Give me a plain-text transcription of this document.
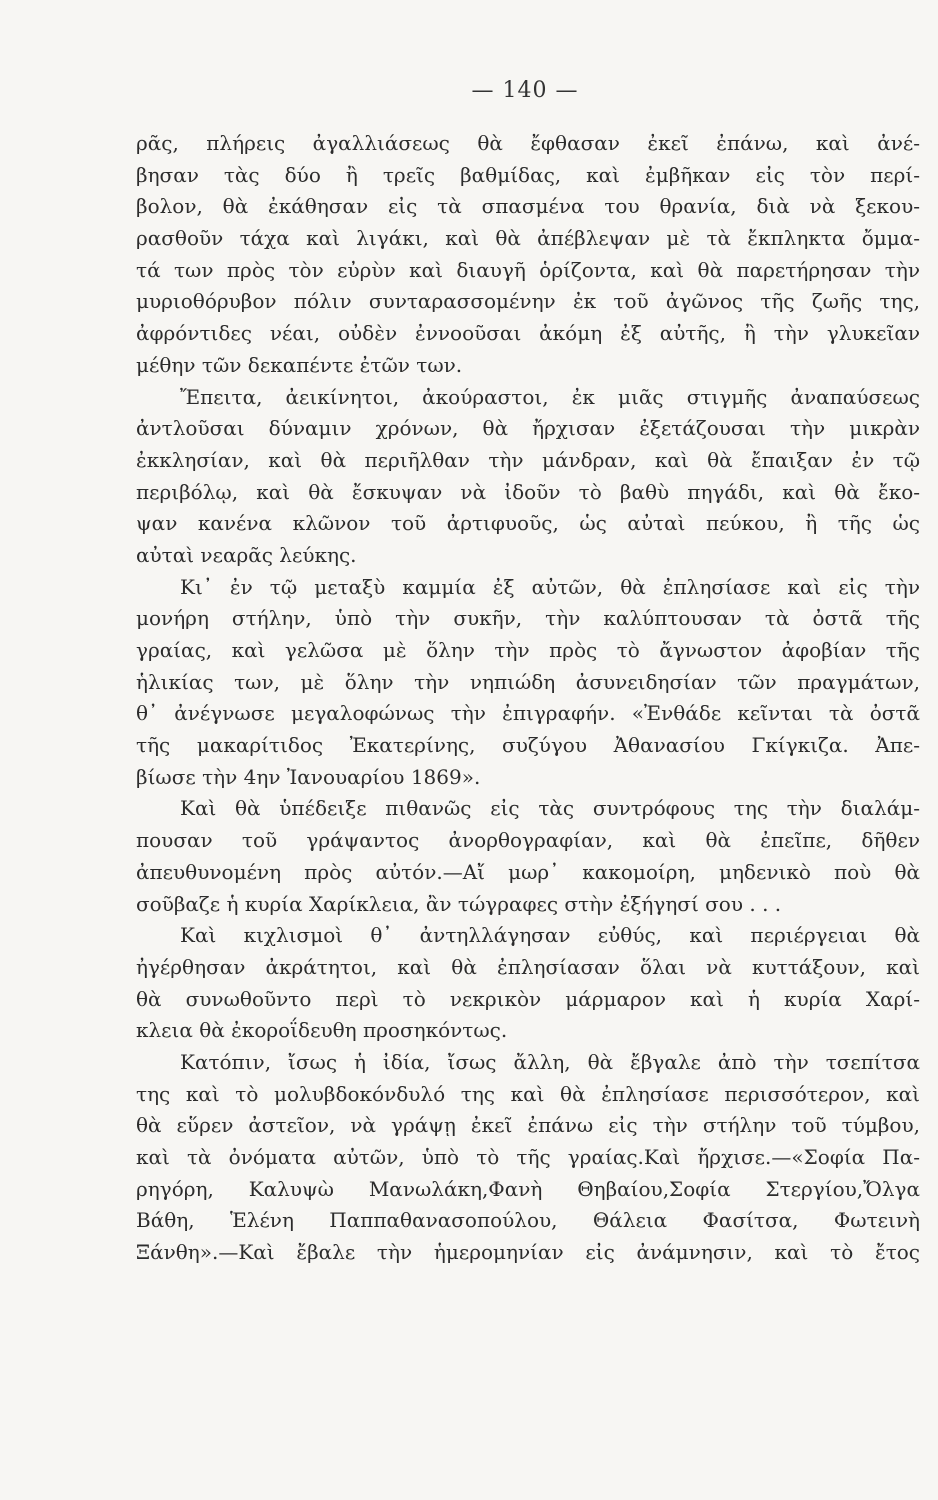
— 140 —
ρᾶς, πλήρεις ἀγαλλιάσεως θὰ ἔφθασαν ἐκεῖ ἐπάνω, καὶ ἀνέ-
βησαν τὰς δύο ἢ τρεῖς βαθμίδας, καὶ ἐμβῆκαν εἰς τὸν περί-
βολον, θὰ ἐκάθησαν εἰς τὰ σπασμένα του θρανία, διὰ νὰ ξεκου-
ρασθοῦν τάχα καὶ λιγάκι, καὶ θὰ ἀπέβλεψαν μὲ τὰ ἔκπληκτα ὄμμα-
τά των πρὸς τὸν εὐρὺν καὶ διαυγῆ ὁρίζοντα, καὶ θὰ παρετήρησαν τὴν
μυριοθόρυβον πόλιν συνταρασσομένην ἐκ τοῦ ἀγῶνος τῆς ζωῆς της,
ἀφρόντιδες νέαι, οὐδὲν ἐννοοῦσαι ἀκόμη ἐξ αὐτῆς, ἢ τὴν γλυκεῖαν
μέθην τῶν δεκαπέντε ἐτῶν των.
Ἔπειτα, ἀεικίνητοι, ἀκούραστοι, ἐκ μιᾶς στιγμῆς ἀναπαύσεως
ἀντλοῦσαι δύναμιν χρόνων, θὰ ἤρχισαν ἐξετάζουσαι τὴν μικρὰν
ἐκκλησίαν, καὶ θὰ περιῆλθαν τὴν μάνδραν, καὶ θὰ ἔπαιξαν ἐν τῷ
περιβόλῳ, καὶ θὰ ἔσκυψαν νὰ ἰδοῦν τὸ βαθὺ πηγάδι, καὶ θὰ ἔκο-
ψαν κανένα κλῶνον τοῦ ἀρτιφυοῦς, ὡς αὐταὶ πεύκου, ἢ τῆς ὡς
αὐταὶ νεαρᾶς λεύκης.
Κι᾿ ἐν τῷ μεταξὺ καμμία ἐξ αὐτῶν, θὰ ἐπλησίασε καὶ εἰς τὴν
μονήρη στήλην, ὑπὸ τὴν συκῆν, τὴν καλύπτουσαν τὰ ὀστᾶ τῆς
γραίας, καὶ γελῶσα μὲ ὅλην τὴν πρὸς τὸ ἄγνωστον ἀφοβίαν τῆς
ἡλικίας των, μὲ ὅλην τὴν νηπιώδη ἀσυνειδησίαν τῶν πραγμάτων,
θ᾿ ἀνέγνωσε μεγαλοφώνως τὴν ἐπιγραφήν. «Ἐνθάδε κεῖνται τὰ ὀστᾶ
τῆς μακαρίτιδος Ἐκατερίνης, συζύγου Ἀθανασίου Γκίγκιζα. Ἀπε-
βίωσε τὴν 4ην Ἰανουαρίου 1869».
Καὶ θὰ ὑπέδειξε πιθανῶς εἰς τὰς συντρόφους της τὴν διαλάμ-
πουσαν τοῦ γράψαντος ἀνορθογραφίαν, καὶ θὰ ἐπεῖπε, δῆθεν
ἀπευθυνομένη πρὸς αὐτόν.—Αἴ μωρ᾿ κακομοίρη, μηδενικὸ ποὺ θὰ
σοῦβαζε ἡ κυρία Χαρίκλεια, ἂν τώγραφες στὴν ἐξήγησί σου . . .
Καὶ κιχλισμοὶ θ᾿ ἀντηλλάγησαν εὐθύς, καὶ περιέργειαι θὰ
ἠγέρθησαν ἀκράτητοι, καὶ θὰ ἐπλησίασαν ὅλαι νὰ κυττάξουν, καὶ
θὰ συνωθοῦντο περὶ τὸ νεκρικὸν μάρμαρον καὶ ἡ κυρία Χαρί-
κλεια θὰ ἐκοροΐδευθη προσηκόντως.
Κατόπιν, ἴσως ἡ ἰδία, ἴσως ἄλλη, θὰ ἔβγαλε ἀπὸ τὴν τσεπίτσα
της καὶ τὸ μολυβδοκόνδυλό της καὶ θὰ ἐπλησίασε περισσότερον, καὶ
θὰ εὕρεν ἀστεῖον, νὰ γράψῃ ἐκεῖ ἐπάνω εἰς τὴν στήλην τοῦ τύμβου,
καὶ τὰ ὀνόματα αὐτῶν, ὑπὸ τὸ τῆς γραίας.Καὶ ἤρχισε.—«Σοφία Πα-
ρηγόρη, Καλυψὼ Μανωλάκη,Φανὴ Θηβαίου,Σοφία Στεργίου,Ὄλγα
Βάθη, Ἑλένη Παππαθανασοπούλου, Θάλεια Φασίτσα, Φωτεινὴ
Ξάνθη».—Καὶ ἔβαλε τὴν ἡμερομηνίαν εἰς ἀνάμνησιν, καὶ τὸ ἔτος
